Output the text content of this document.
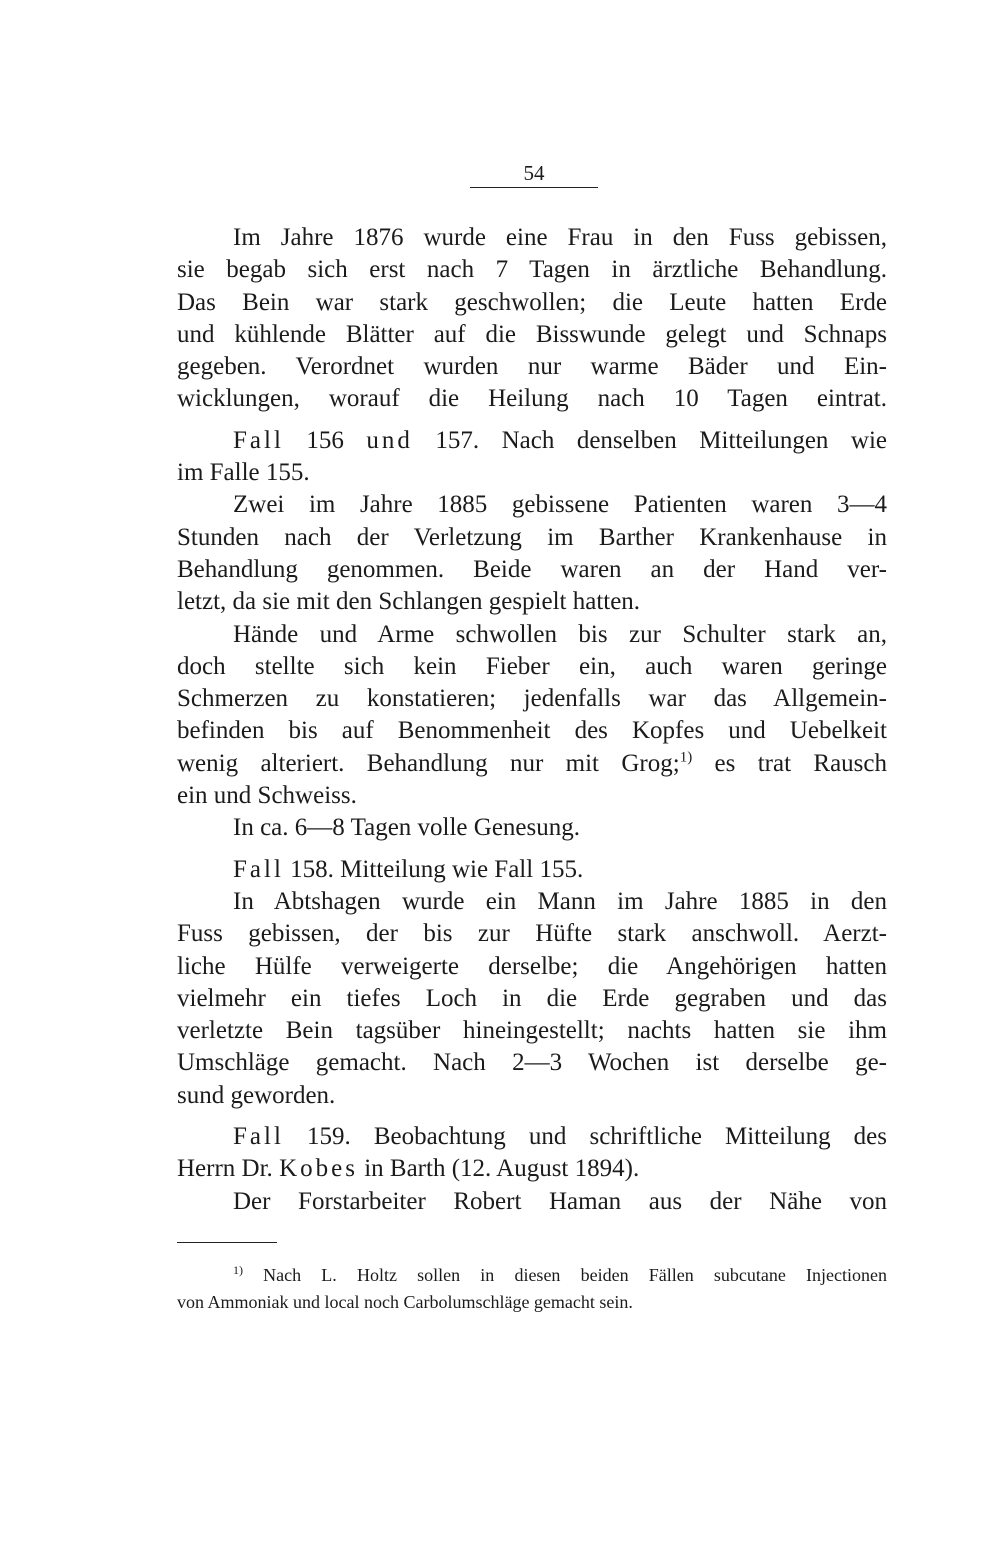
54
Im Jahre 1876 wurde eine Frau in den Fuss gebissen,
sie begab sich erst nach 7 Tagen in ärztliche Behandlung.
Das Bein war stark geschwollen; die Leute hatten Erde
und kühlende Blätter auf die Bisswunde gelegt und Schnaps
gegeben. Verordnet wurden nur warme Bäder und Ein-
wicklungen, worauf die Heilung nach 10 Tagen eintrat.
Fall 156 und 157. Nach denselben Mitteilungen wie
im Falle 155.
Zwei im Jahre 1885 gebissene Patienten waren 3—4
Stunden nach der Verletzung im Barther Krankenhause in
Behandlung genommen. Beide waren an der Hand ver-
letzt, da sie mit den Schlangen gespielt hatten.
Hände und Arme schwollen bis zur Schulter stark an,
doch stellte sich kein Fieber ein, auch waren geringe
Schmerzen zu konstatieren; jedenfalls war das Allgemein-
befinden bis auf Benommenheit des Kopfes und Uebelkeit
wenig alteriert. Behandlung nur mit Grog;$^{1)}$ es trat Rausch
ein und Schweiss.
In ca. 6—8 Tagen volle Genesung.
Fall 158. Mitteilung wie Fall 155.
In Abtshagen wurde ein Mann im Jahre 1885 in den
Fuss gebissen, der bis zur Hüfte stark anschwoll. Aerzt-
liche Hülfe verweigerte derselbe; die Angehörigen hatten
vielmehr ein tiefes Loch in die Erde gegraben und das
verletzte Bein tagsüber hineingestellt; nachts hatten sie ihm
Umschläge gemacht. Nach 2—3 Wochen ist derselbe ge-
sund geworden.
Fall 159. Beobachtung und schriftliche Mitteilung des
Herrn Dr. Kobes in Barth (12. August 1894).
Der Forstarbeiter Robert Haman aus der Nähe von
$^{1)}$ Nach L. Holtz sollen in diesen beiden Fällen subcutane Injectionen
von Ammoniak und local noch Carbolumschläge gemacht sein.
